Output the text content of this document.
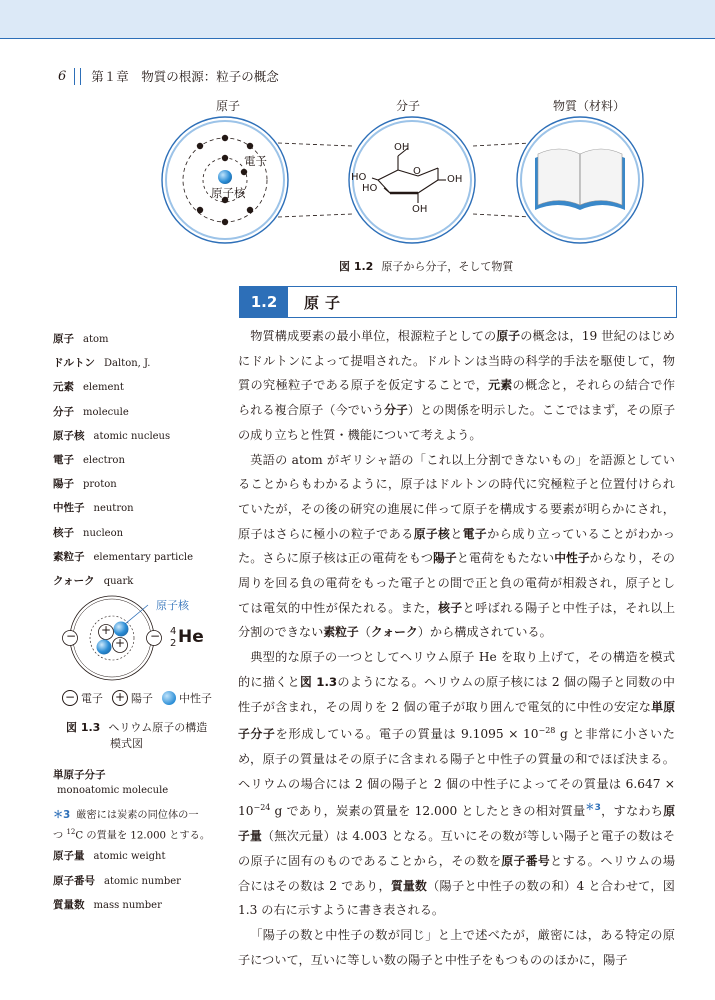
6 第１章　物質の根源：粒子の概念
原子	分子	物質（材料）
電子
原子核
OH
O
HO
HO
OH
OH
図 1.2 原子から分子，そして物質
1.2	原子
原子 atom
ドルトン Dalton, J.
元素 element
分子 molecule
原子核 atomic nucleus
電子 electron
陽子 proton
中性子 neutron
核子 nucleon
素粒子 elementary particle
クォーク quark
+
+
−	−
原子核
4
2 He
− 電子 + 陽子 中性子
図 1.3 ヘリウム原子の構造
模式図
単原子分子
monoatomic molecule
＊3 厳密には炭素の同位体の一
つ $^{12}$C の質量を 12.000 とする。
原子量 atomic weight
原子番号 atomic number
質量数 mass number

物質構成要素の最小単位，根源粒子としての原子の概念は，19 世紀のはじめにドルトンによって提唱された。ドルトンは当時の科学的手法を駆使して，物質の究極粒子である原子を仮定することで，元素の概念と，それらの結合で作られる複合原子（今でいう分子）との関係を明示した。ここではまず，その原子の成り立ちと性質・機能について考えよう。

英語の atom がギリシャ語の「これ以上分割できないもの」を語源としていることからもわかるように，原子はドルトンの時代に究極粒子と位置付けられていたが，その後の研究の進展に伴って原子を構成する要素が明らかにされ，原子はさらに極小の粒子である原子核と電子から成り立っていることがわかった。さらに原子核は正の電荷をもつ陽子と電荷をもたない中性子からなり，その周りを回る負の電荷をもった電子との間で正と負の電荷が相殺され，原子としては電気的中性が保たれる。また，核子と呼ばれる陽子と中性子は，それ以上分割のできない素粒子（クォーク）から構成されている。

典型的な原子の一つとしてヘリウム原子 He を取り上げて，その構造を模式的に描くと図 1.3のようになる。ヘリウムの原子核には 2 個の陽子と同数の中性子が含まれ，その周りを 2 個の電子が取り囲んで電気的に中性の安定な単原子分子を形成している。電子の質量は $9.1095 \times 10^{-28}$ g と非常に小さいため，原子の質量はその原子に含まれる陽子と中性子の質量の和でほぼ決まる。ヘリウムの場合には 2 個の陽子と 2 個の中性子によってその質量は $6.647 \times 10^{-24}$ g であり，炭素の質量を 12.000 としたときの相対質量$^{*3}$，すなわち原子量（無次元量）は 4.003 となる。互いにその数が等しい陽子と電子の数はその原子に固有のものであることから，その数を原子番号とする。ヘリウムの場合にはその数は 2 であり，質量数（陽子と中性子の数の和）4 と合わせて，図 1.3 の右に示すように書き表される。

「陽子の数と中性子の数が同じ」と上で述べたが，厳密には，ある特定の原子について，互いに等しい数の陽子と中性子をもつもののほかに，陽子
